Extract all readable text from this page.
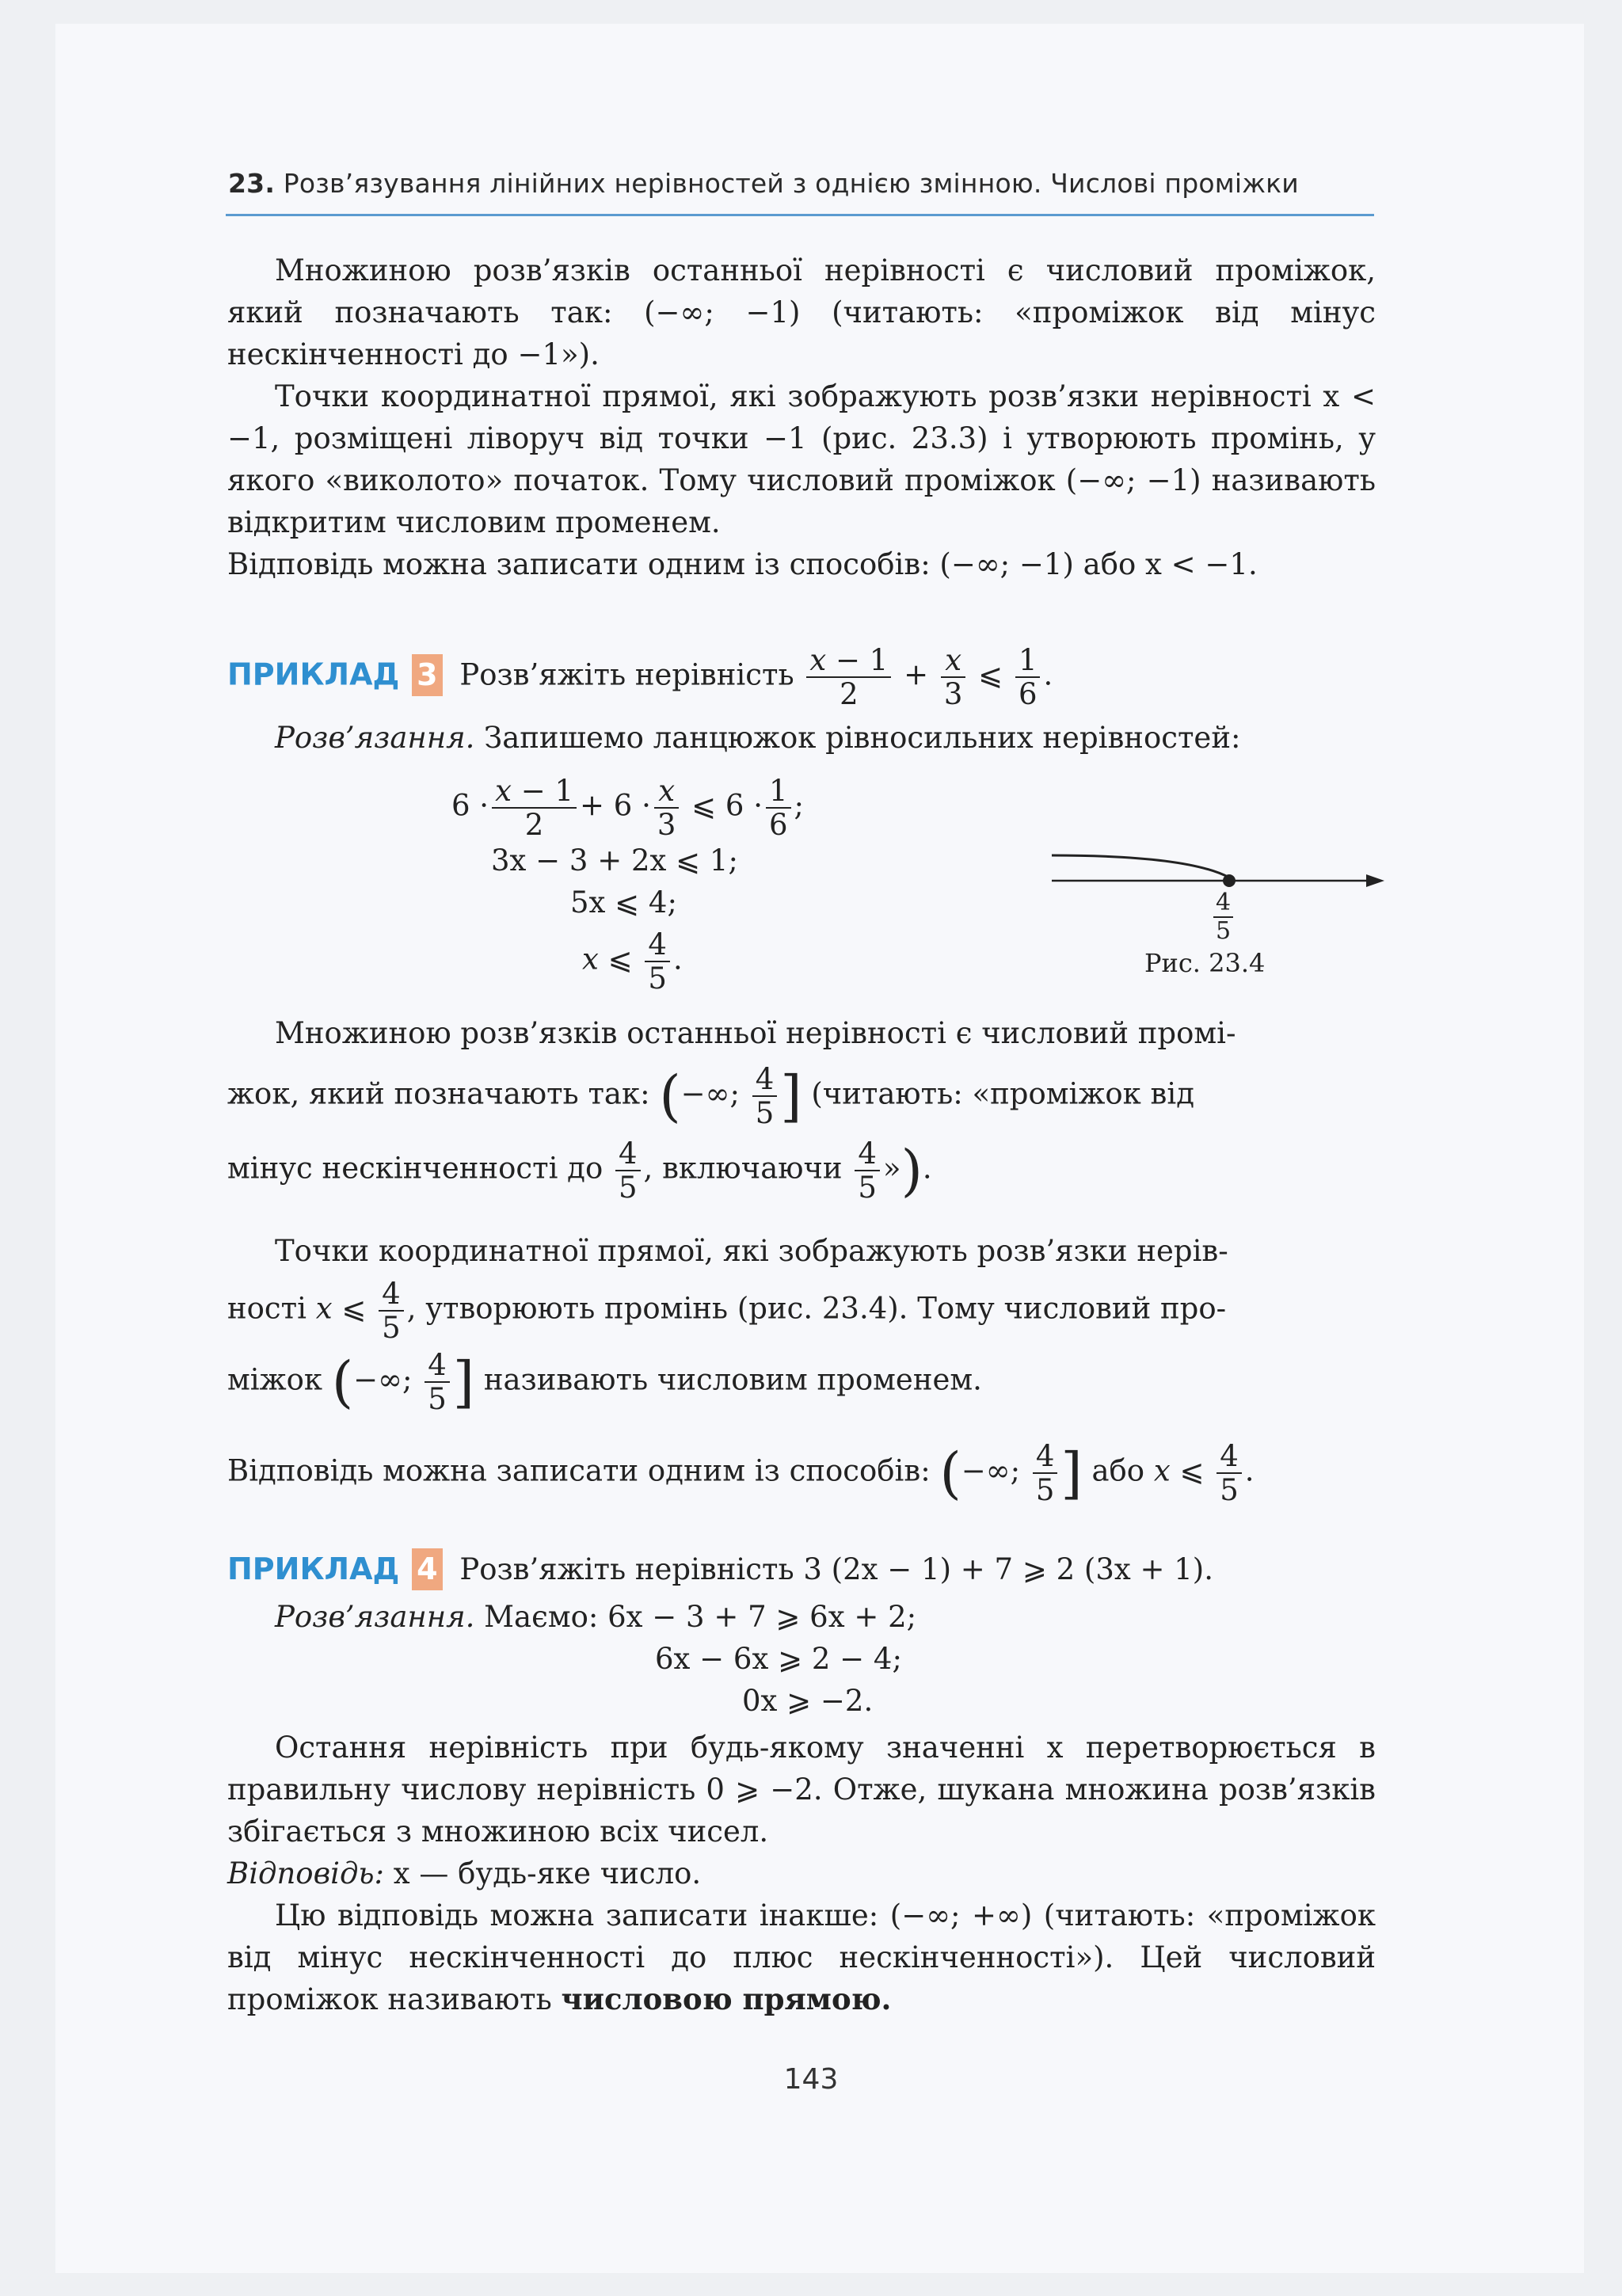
23. Розв’язування лінійних нерівностей з однією змінною. Числові проміжки

Множиною розв’язків останньої нерівності є числовий проміжок, який позначають так: (−∞; −1) (читають: «проміжок від мінус нескінченності до −1»).

Точки координатної прямої, які зображують розв’язки нерівності x < −1, розміщені ліворуч від точки −1 (рис. 23.3) і утворюють промінь, у якого «виколото» початок. Тому числовий проміжок (−∞; −1) називають відкритим числовим променем.

Відповідь можна записати одним із способів: (−∞; −1) або x < −1.

ПРИКЛАД 3 Розв’яжіть нерівність $\frac{x - 1}{2} + \frac{x}{3}$ ⩽ $\frac{1}{6}$ .
Розв’язання. Запишемо ланцюжок рівносильних нерівностей:
$6 \cdot \frac{x - 1}{2} + 6 \cdot \frac{x}{3}$ ⩽ $6 \cdot \frac{1}{6}$ ;
3x − 3 + 2x ⩽ 1;
5x ⩽ 4;
x ⩽ $\frac{4}{5}$ .
4
5
Рис. 23.4
Множиною розв’язків останньої нерівності є числовий промі-
жок, який позначають так: (−∞; $\frac{4}{5}$ ] (читають: «проміжок від
мінус нескінченності до $\frac{4}{5}$ , включаючи $\frac{4}{5}$ »).
Точки координатної прямої, які зображують розв’язки нерів-
ності x ⩽ $\frac{4}{5}$ , утворюють промінь (рис. 23.4). Тому числовий про-
міжок (−∞; $\frac{4}{5}$ ] називають числовим променем.
Відповідь можна записати одним із способів: (−∞; $\frac{4}{5}$ ] або x ⩽ $\frac{4}{5}$ .
ПРИКЛАД 4 Розв’яжіть нерівність 3 (2x − 1) + 7 ⩾ 2 (3x + 1).
Розв’язання. Маємо: 6x − 3 + 7 ⩾ 6x + 2;
6x − 6x ⩾ 2 − 4;
0x ⩾ −2.

Остання нерівність при будь-якому значенні x перетворюється в правильну числову нерівність 0 ⩾ −2. Отже, шукана множина розв’язків збігається з множиною всіх чисел.

Відповідь: x — будь-яке число.

Цю відповідь можна записати інакше: (−∞; +∞) (читають: «проміжок від мінус нескінченності до плюс нескінченності»). Цей числовий проміжок називають числовою прямою.

143
